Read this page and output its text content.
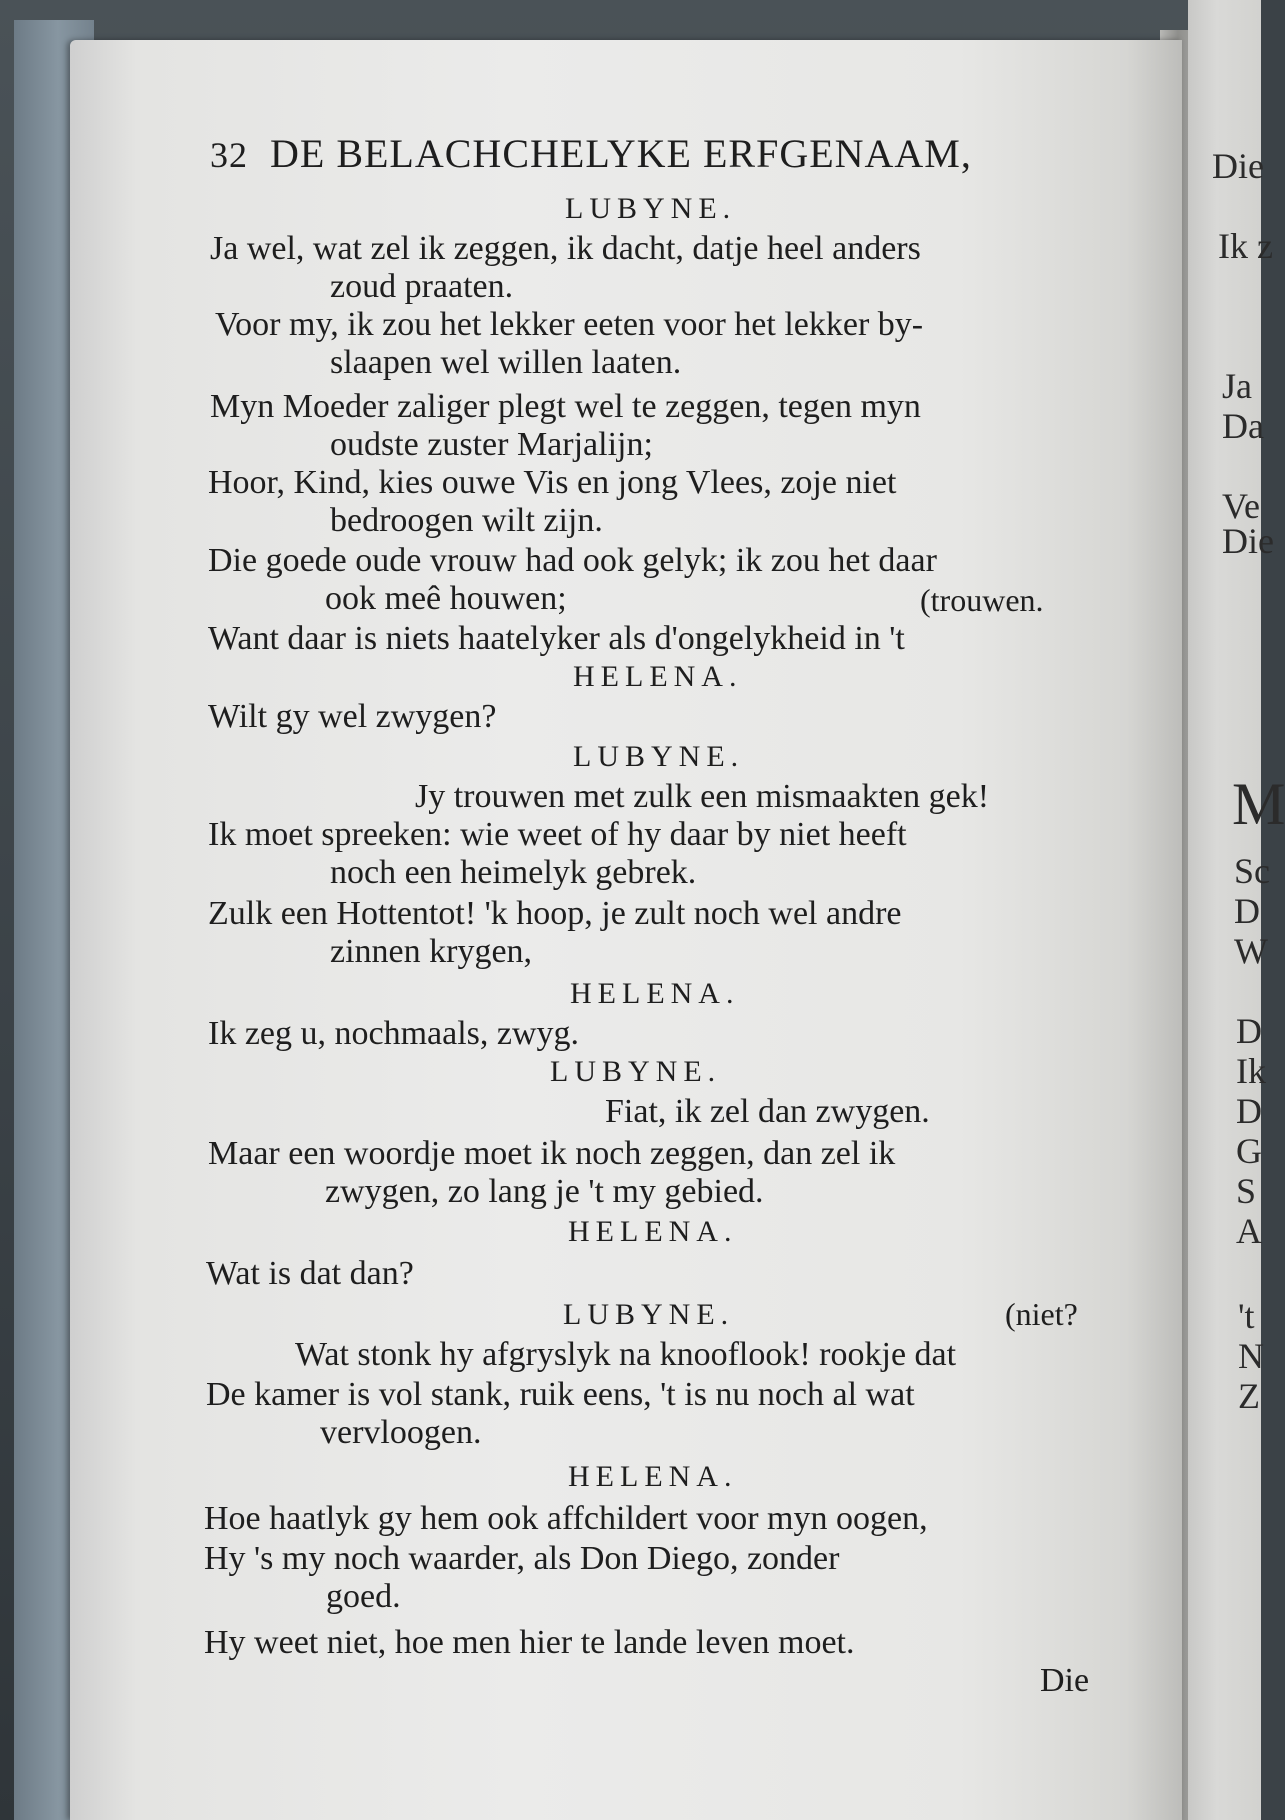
Die
Ik z
Ja
Da
Ve
Die
M
Sc
D
W
D
Ik
D
G
S
A
't
N
Z
32 DE BELACHCHELYKE ERFGENAAM,
LUBYNE.
Ja wel, wat zel ik zeggen, ik dacht, datje heel anders
zoud praaten.
Voor my, ik zou het lekker eeten voor het lekker by-
slaapen wel willen laaten.
Myn Moeder zaliger plegt wel te zeggen, tegen myn
oudste zuster Marjalijn;
Hoor, Kind, kies ouwe Vis en jong Vlees, zoje niet
bedroogen wilt zijn.
Die goede oude vrouw had ook gelyk; ik zou het daar
ook meê houwen;	(trouwen.
Want daar is niets haatelyker als d'ongelykheid in 't
HELENA.
Wilt gy wel zwygen?
LUBYNE.
Jy trouwen met zulk een mismaakten gek!
Ik moet spreeken: wie weet of hy daar by niet heeft
noch een heimelyk gebrek.
Zulk een Hottentot! 'k hoop, je zult noch wel andre
zinnen krygen,
HELENA.
Ik zeg u, nochmaals, zwyg.
LUBYNE.
Fiat, ik zel dan zwygen.
Maar een woordje moet ik noch zeggen, dan zel ik
zwygen, zo lang je 't my gebied.
HELENA.
Wat is dat dan?
LUBYNE.	(niet?
Wat stonk hy afgryslyk na knooflook! rookje dat
De kamer is vol stank, ruik eens, 't is nu noch al wat
vervloogen.
HELENA.
Hoe haatlyk gy hem ook affchildert voor myn oogen,
Hy 's my noch waarder, als Don Diego, zonder
goed.
Hy weet niet, hoe men hier te lande leven moet.
Die
